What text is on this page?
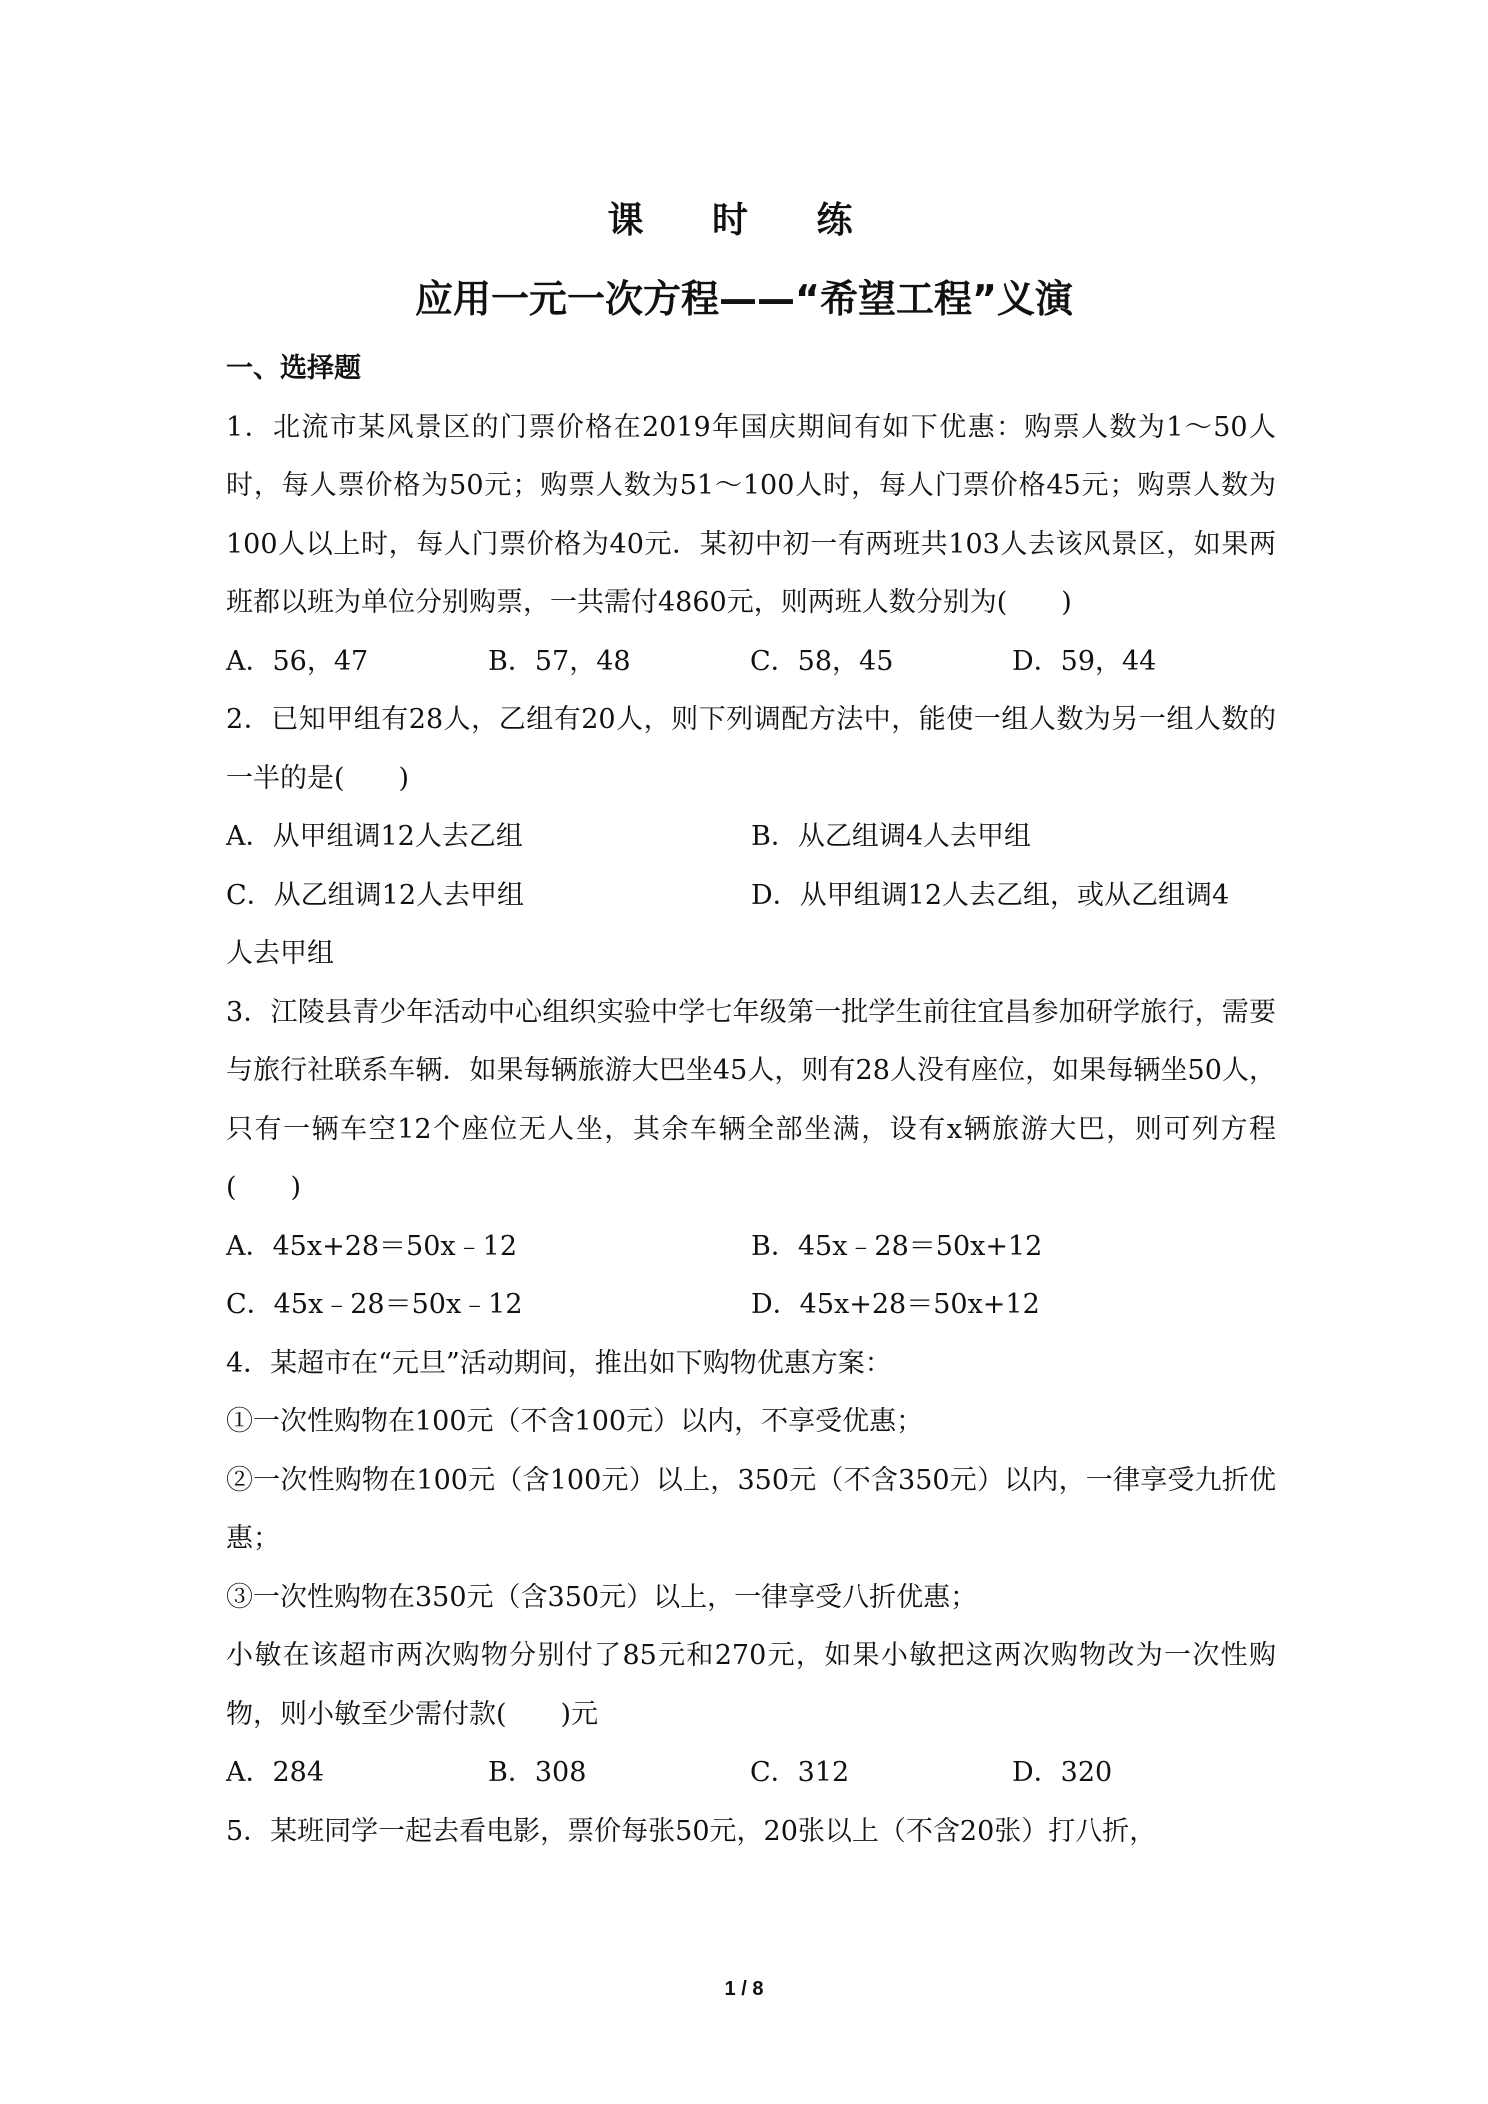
课 时 练
应用一元一次方程——“希望工程”义演
一、选择题
1．北流市某风景区的门票价格在2019年国庆期间有如下优惠：购票人数为1～50人时，每人票价格为50元；购票人数为51～100人时，每人门票价格45元；购票人数为100人以上时，每人门票价格为40元．某初中初一有两班共103人去该风景区，如果两班都以班为单位分别购票，一共需付4860元，则两班人数分别为(　　)
A．56，47	B．57，48	C．58，45	D．59，44
2．已知甲组有28人，乙组有20人，则下列调配方法中，能使一组人数为另一组人数的一半的是(　　)
A．从甲组调12人去乙组	B．从乙组调4人去甲组
C．从乙组调12人去甲组	D．从甲组调12人去乙组，或从乙组调4
人去甲组
3．江陵县青少年活动中心组织实验中学七年级第一批学生前往宜昌参加研学旅行，需要与旅行社联系车辆．如果每辆旅游大巴坐45人，则有28人没有座位，如果每辆坐50人，只有一辆车空12个座位无人坐，其余车辆全部坐满，设有x辆旅游大巴，则可列方程(　　)
A．45x+28＝50x﹣12	B．45x﹣28＝50x+12
C．45x﹣28＝50x﹣12	D．45x+28＝50x+12
4．某超市在“元旦”活动期间，推出如下购物优惠方案：
①一次性购物在100元（不含100元）以内，不享受优惠；
②一次性购物在100元（含100元）以上，350元（不含350元）以内，一律享受九折优惠；
③一次性购物在350元（含350元）以上，一律享受八折优惠；
小敏在该超市两次购物分别付了85元和270元，如果小敏把这两次购物改为一次性购物，则小敏至少需付款(　　)元
A．284	B．308	C．312	D．320
5．某班同学一起去看电影，票价每张50元，20张以上（不含20张）打八折，
1 / 8
